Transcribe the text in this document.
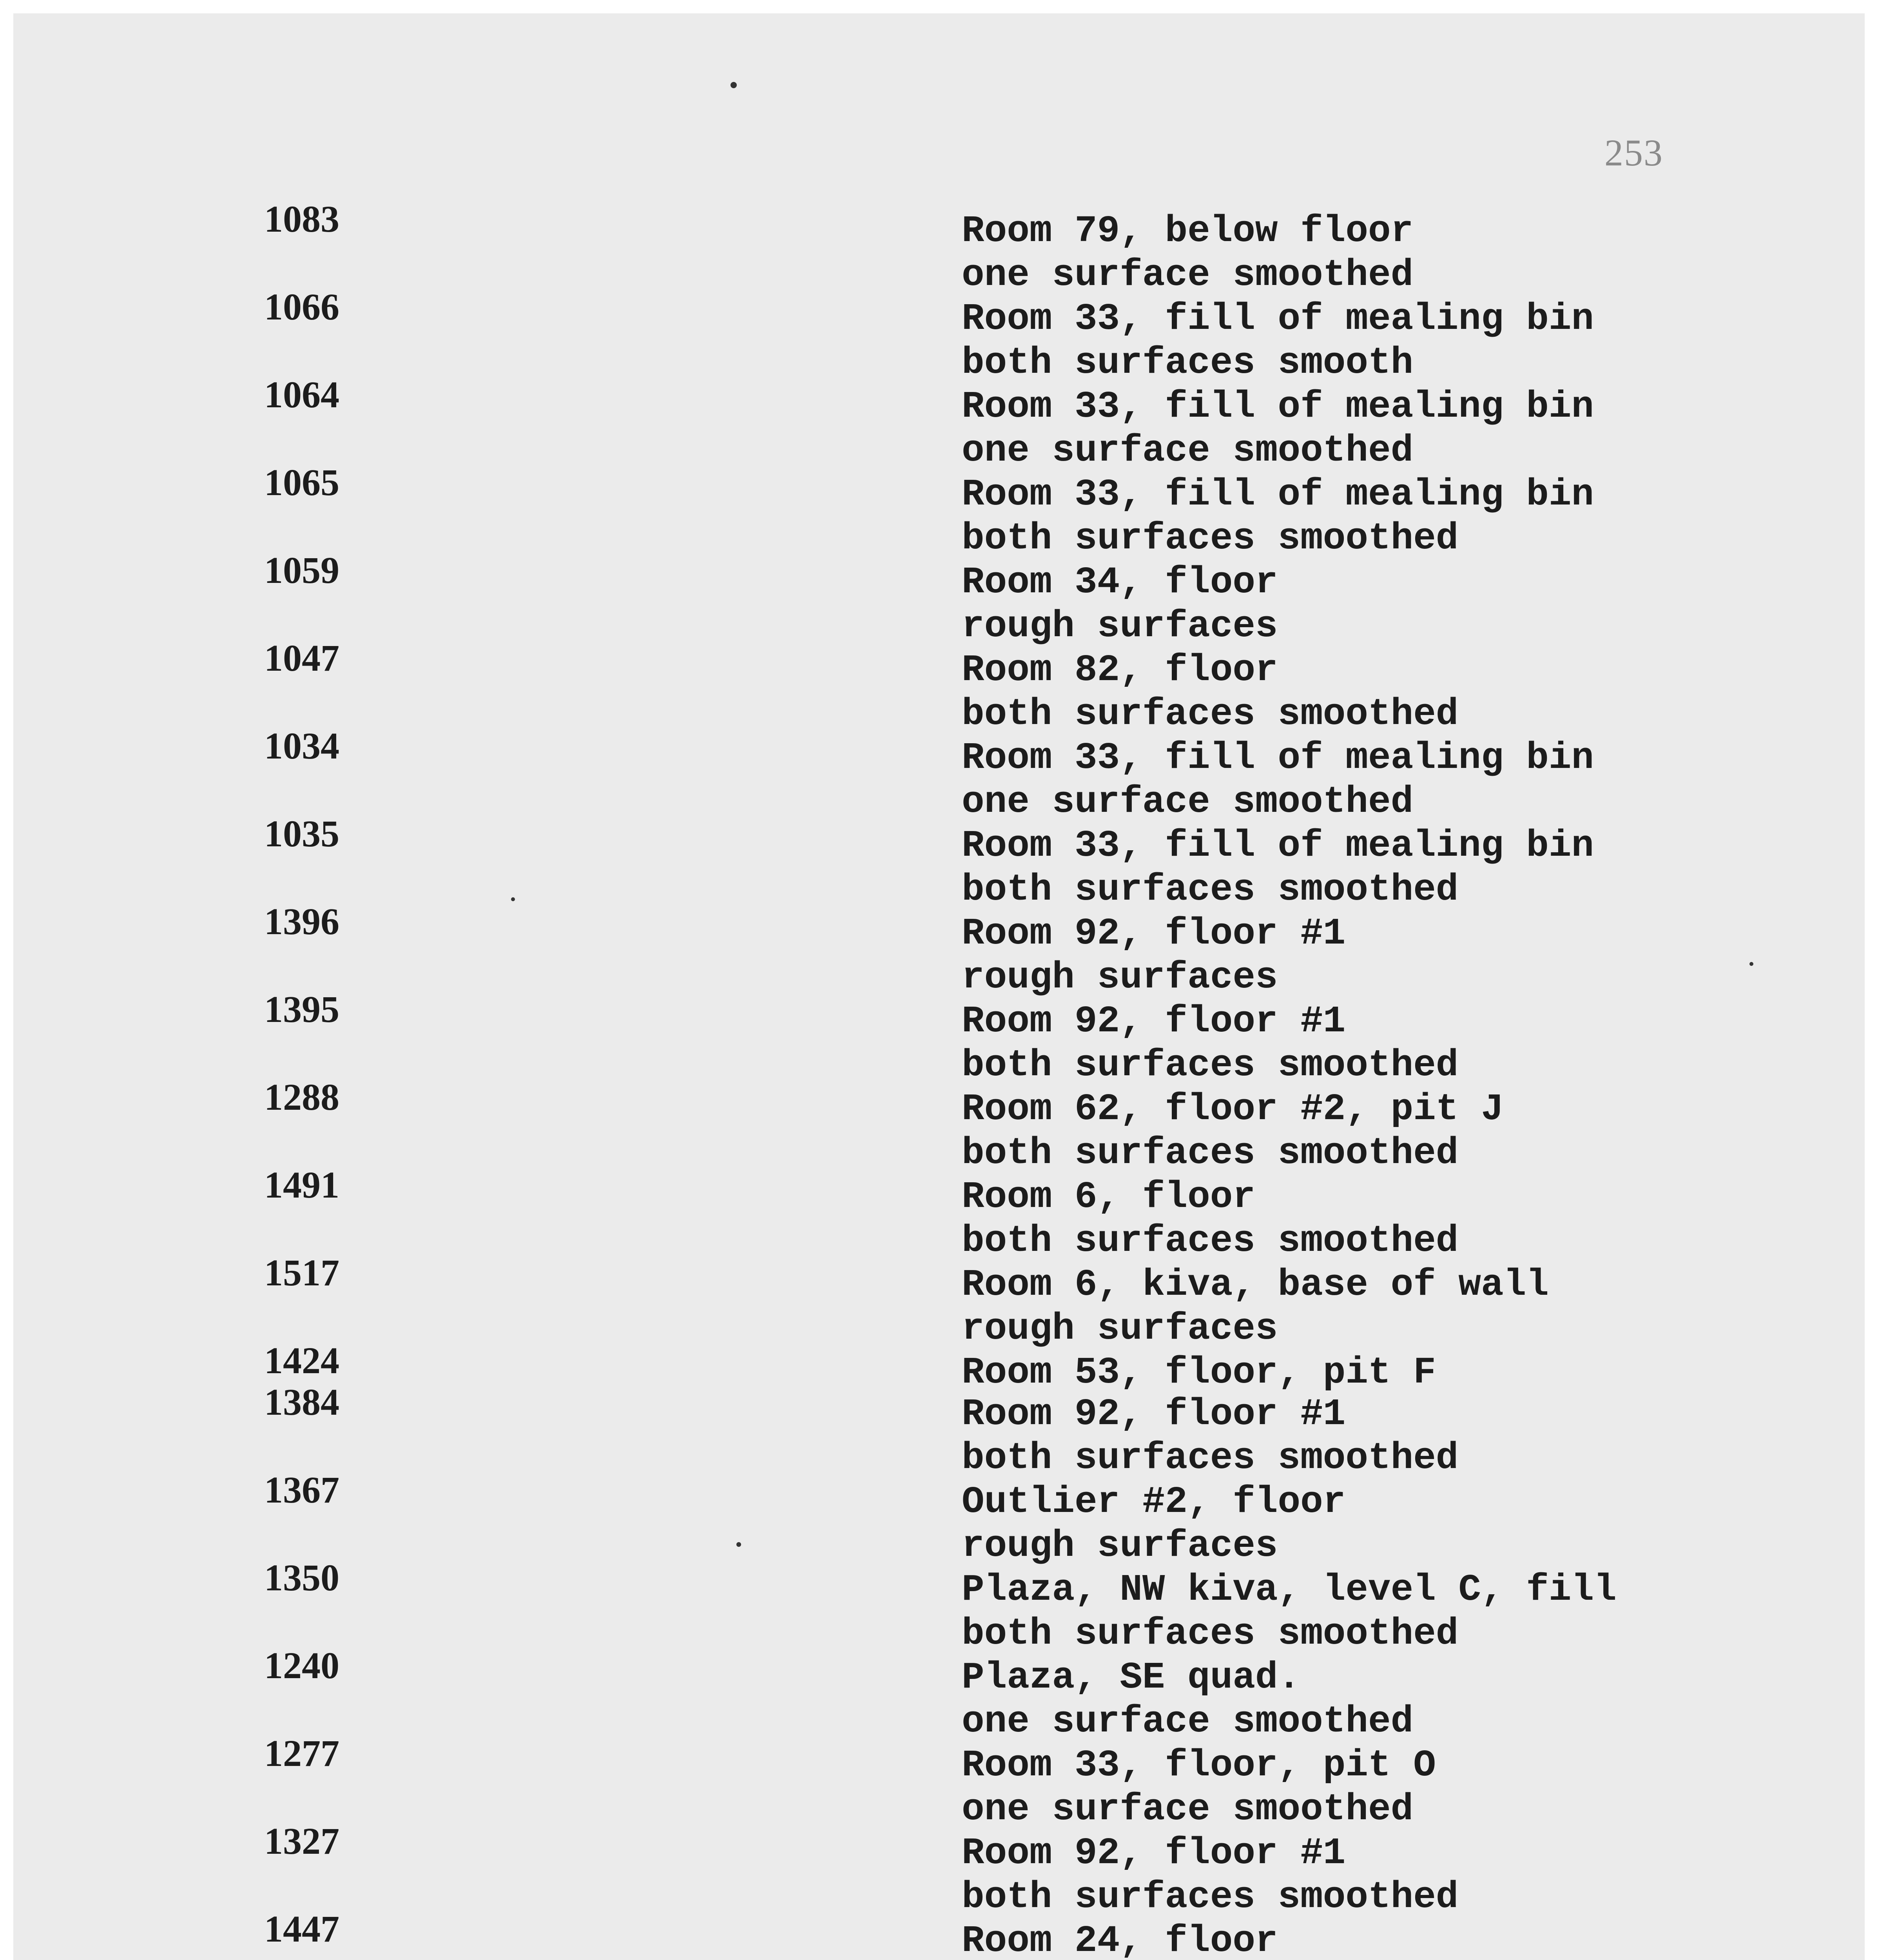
253
1083	Room 79, below floor
one surface smoothed
1066	Room 33, fill of mealing bin
both surfaces smooth
1064	Room 33, fill of mealing bin
one surface smoothed
1065	Room 33, fill of mealing bin
both surfaces smoothed
1059	Room 34, floor
rough surfaces
1047	Room 82, floor
both surfaces smoothed
1034	Room 33, fill of mealing bin
one surface smoothed
1035	Room 33, fill of mealing bin
both surfaces smoothed
1396	Room 92, floor #1
rough surfaces
1395	Room 92, floor #1
both surfaces smoothed
1288	Room 62, floor #2, pit J
both surfaces smoothed
1491	Room 6, floor
both surfaces smoothed
1517	Room 6, kiva, base of wall
rough surfaces
1424	Room 53, floor, pit F
1384	Room 92, floor #1
both surfaces smoothed
1367	Outlier #2, floor
rough surfaces
1350	Plaza, NW kiva, level C, fill
both surfaces smoothed
1240	Plaza, SE quad.
one surface smoothed
1277	Room 33, floor, pit O
one surface smoothed
1327	Room 92, floor #1
both surfaces smoothed
1447	Room 24, floor
